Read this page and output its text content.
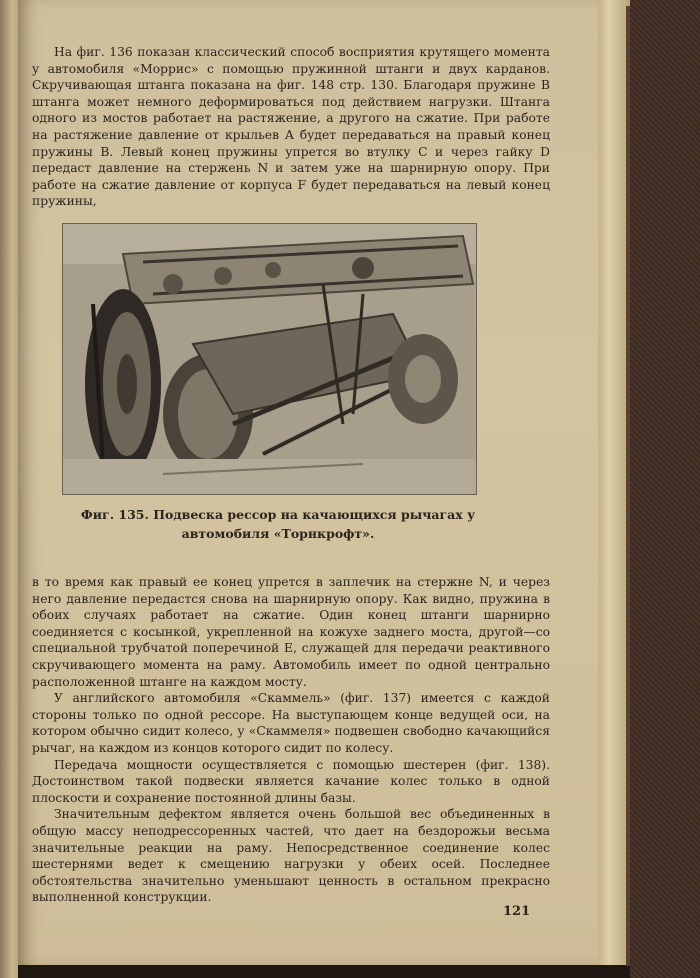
На фиг. 136 показан классический способ восприятия крутящего момента у автомобиля «Моррис» с помощью пружинной штанги и двух карданов. Скручивающая штанга показана на фиг. 148 стр. 130. Благодаря пружине B штанга может немного деформироваться под действием нагрузки. Штанга одного из мостов работает на растяжение, а другого на сжатие. При работе на растяжение давление от крыльев A будет передаваться на правый конец пружины B. Левый конец пружины упрется во втулку C и через гайку D передаст давление на стержень N и затем уже на шарнирную опору. При работе на сжатие давление от корпуса F будет передаваться на левый конец пружины,

Фиг. 135. Подвеска рессор на качающихся рычагах у
автомобиля «Торнкрофт».

в то время как правый ее конец упрется в заплечик на стержне N, и через него давление передастся снова на шарнирную опору. Как видно, пружина в обоих случаях работает на сжатие. Один конец штанги шарнирно соединяется с косынкой, укрепленной на кожухе заднего моста, другой—со специальной трубчатой поперечиной E, служащей для передачи реактивного скручивающего момента на раму. Автомобиль имеет по одной центрально расположенной штанге на каждом мосту.

У английского автомобиля «Скаммель» (фиг. 137) имеется с каждой стороны только по одной рессоре. На выступающем конце ведущей оси, на котором обычно сидит колесо, у «Скаммеля» подвешен свободно качающийся рычаг, на каждом из концов которого сидит по колесу.

Передача мощности осуществляется с помощью шестерен (фиг. 138). Достоинством такой подвески является качание колес только в одной плоскости и сохранение постоянной длины базы.

Значительным дефектом является очень большой вес объединенных в общую массу неподрессоренных частей, что дает на бездорожьи весьма значительные реакции на раму. Непосредственное соединение колес шестернями ведет к смещению нагрузки у обеих осей. Последнее обстоятельства значительно уменьшают ценность в остальном прекрасно выполненной конструкции.

121
